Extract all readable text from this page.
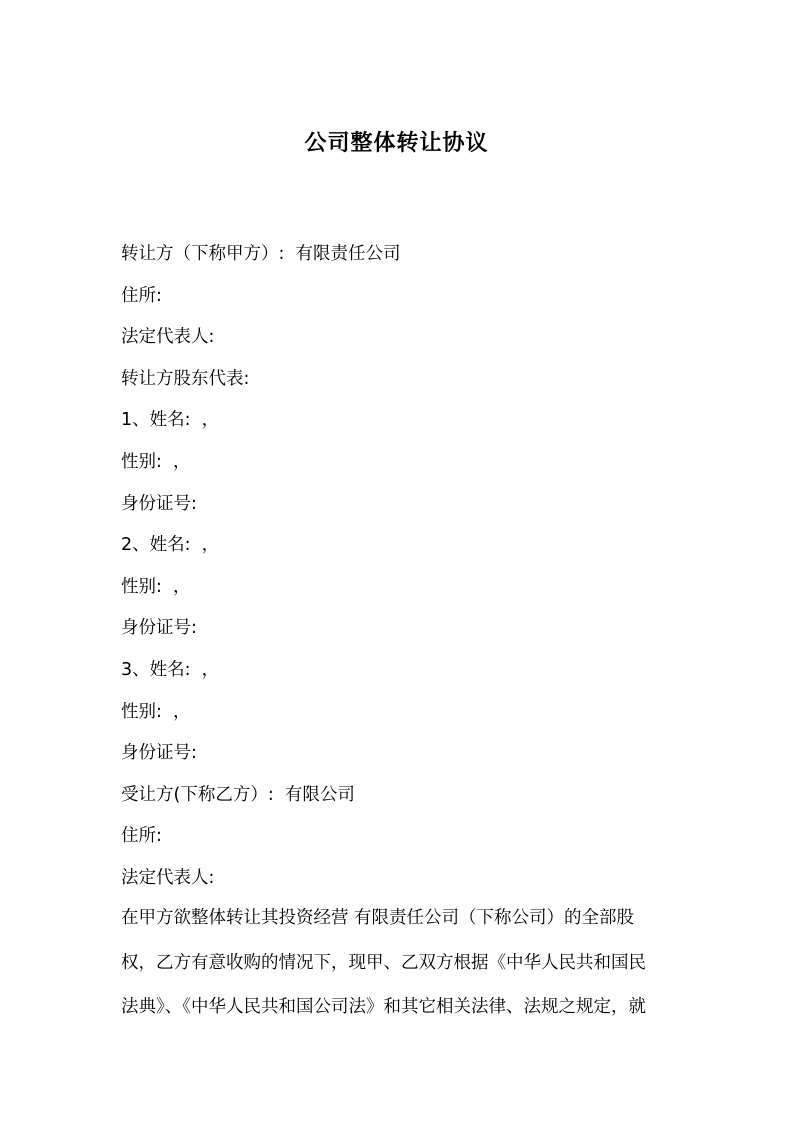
公司整体转让协议
转让方（下称甲方）:  有限责任公司
住所:
法定代表人:
转让方股东代表:
1、姓名:  ，
性别:  ，
身份证号:
2、姓名:  ，
性别:  ，
身份证号:
3、姓名:  ，
性别:  ，
身份证号:
受让方(下称乙方）:  有限公司
住所:
法定代表人:
在甲方欲整体转让其投资经营 有限责任公司（下称公司）的全部股
权，乙方有意收购的情况下，现甲、乙双方根据《中华人民共和国民
法典》、《中华人民共和国公司法》和其它相关法律、法规之规定，就
